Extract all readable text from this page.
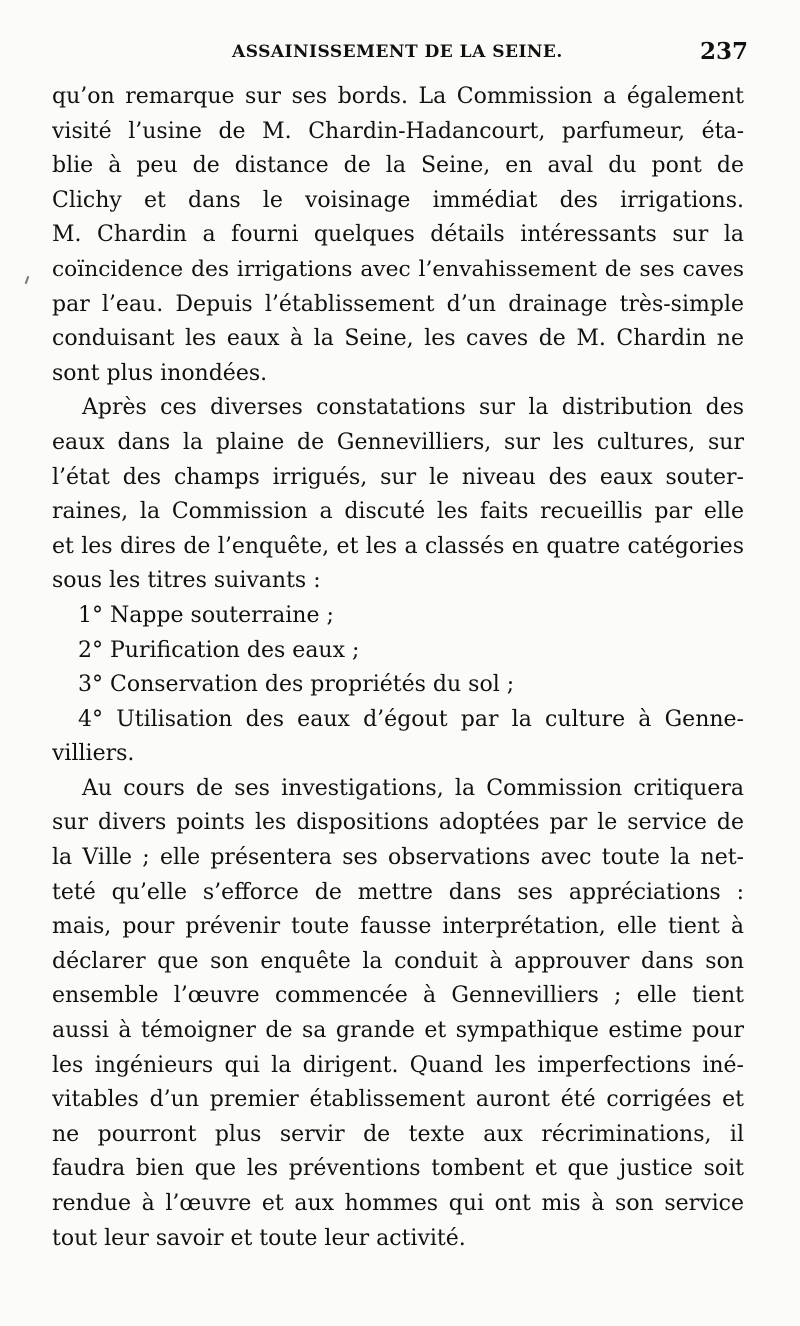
ASSAINISSEMENT DE LA SEINE.	237
qu’on remarque sur ses bords. La Commission a également
visité l’usine de M. Chardin-Hadancourt, parfumeur, éta-
blie à peu de distance de la Seine, en aval du pont de
Clichy et dans le voisinage immédiat des irrigations.
M. Chardin a fourni quelques détails intéressants sur la
coïncidence des irrigations avec l’envahissement de ses caves
par l’eau. Depuis l’établissement d’un drainage très-simple
conduisant les eaux à la Seine, les caves de M. Chardin ne
sont plus inondées.
Après ces diverses constatations sur la distribution des
eaux dans la plaine de Gennevilliers, sur les cultures, sur
l’état des champs irrigués, sur le niveau des eaux souter-
raines, la Commission a discuté les faits recueillis par elle
et les dires de l’enquête, et les a classés en quatre catégories
sous les titres suivants :
1° Nappe souterraine ;
2° Purification des eaux ;
3° Conservation des propriétés du sol ;
4° Utilisation des eaux d’égout par la culture à Genne-
villiers.
Au cours de ses investigations, la Commission critiquera
sur divers points les dispositions adoptées par le service de
la Ville ; elle présentera ses observations avec toute la net-
teté qu’elle s’efforce de mettre dans ses appréciations :
mais, pour prévenir toute fausse interprétation, elle tient à
déclarer que son enquête la conduit à approuver dans son
ensemble l’œuvre commencée à Gennevilliers ; elle tient
aussi à témoigner de sa grande et sympathique estime pour
les ingénieurs qui la dirigent. Quand les imperfections iné-
vitables d’un premier établissement auront été corrigées et
ne pourront plus servir de texte aux récriminations, il
faudra bien que les préventions tombent et que justice soit
rendue à l’œuvre et aux hommes qui ont mis à son service
tout leur savoir et toute leur activité.
